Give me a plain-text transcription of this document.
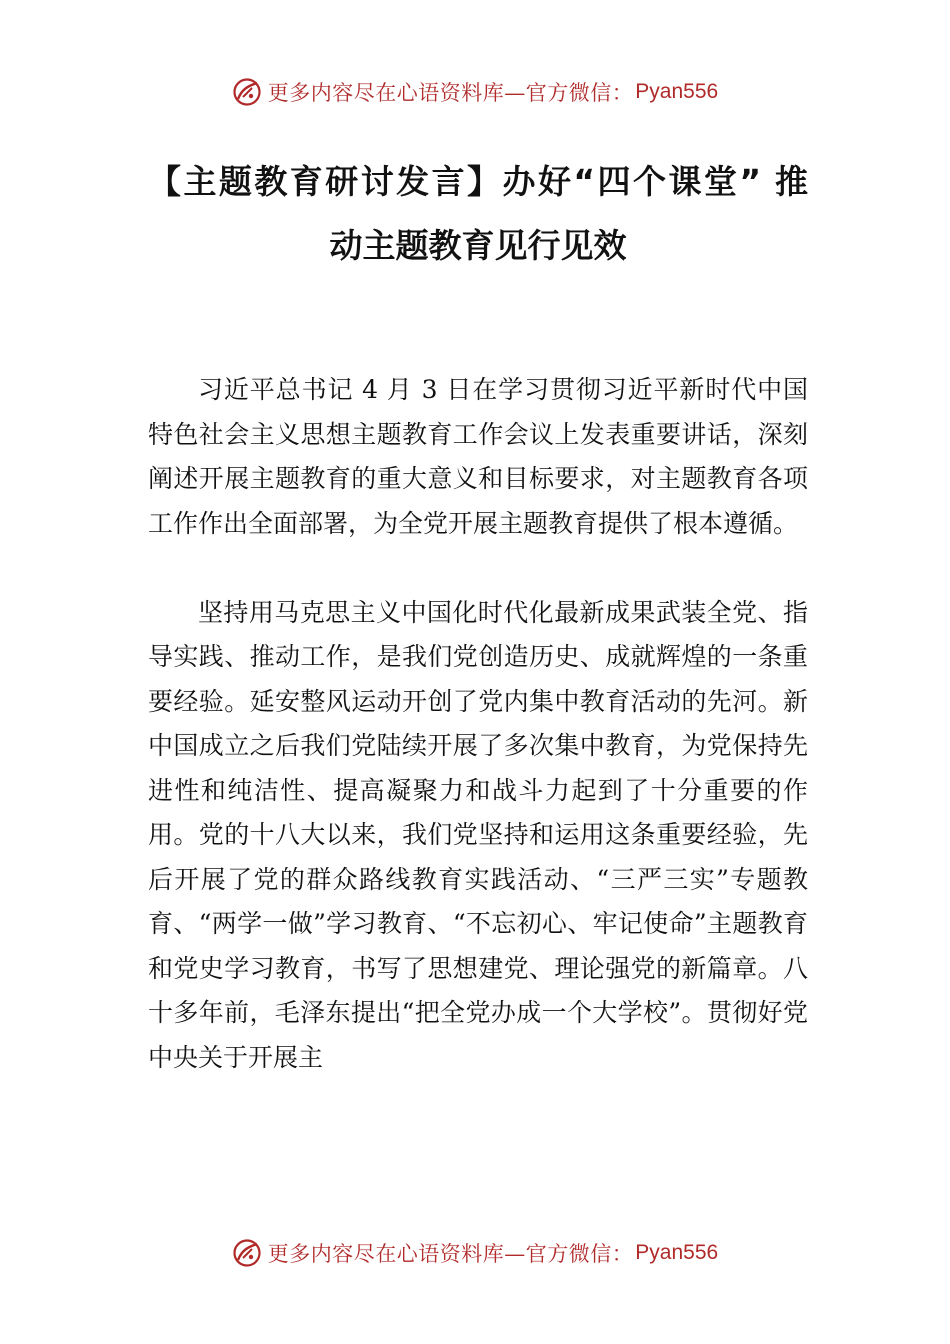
更多内容尽在心语资料库—官方微信： Pyan556
【主题教育研讨发言】办好“四个课堂” 推
动主题教育见行见效

习近平总书记 4 月 3 日在学习贯彻习近平新时代中国特色社会主义思想主题教育工作会议上发表重要讲话，深刻阐述开展主题教育的重大意义和目标要求，对主题教育各项工作作出全面部署，为全党开展主题教育提供了根本遵循。

坚持用马克思主义中国化时代化最新成果武装全党、指导实践、推动工作，是我们党创造历史、成就辉煌的一条重要经验。延安整风运动开创了党内集中教育活动的先河。新中国成立之后我们党陆续开展了多次集中教育，为党保持先进性和纯洁性、提高凝聚力和战斗力起到了十分重要的作用。党的十八大以来，我们党坚持和运用这条重要经验，先后开展了党的群众路线教育实践活动、“三严三实”专题教育、“两学一做”学习教育、“不忘初心、牢记使命”主题教育和党史学习教育，书写了思想建党、理论强党的新篇章。八十多年前，毛泽东提出“把全党办成一个大学校”。贯彻好党中央关于开展主

更多内容尽在心语资料库—官方微信： Pyan556
